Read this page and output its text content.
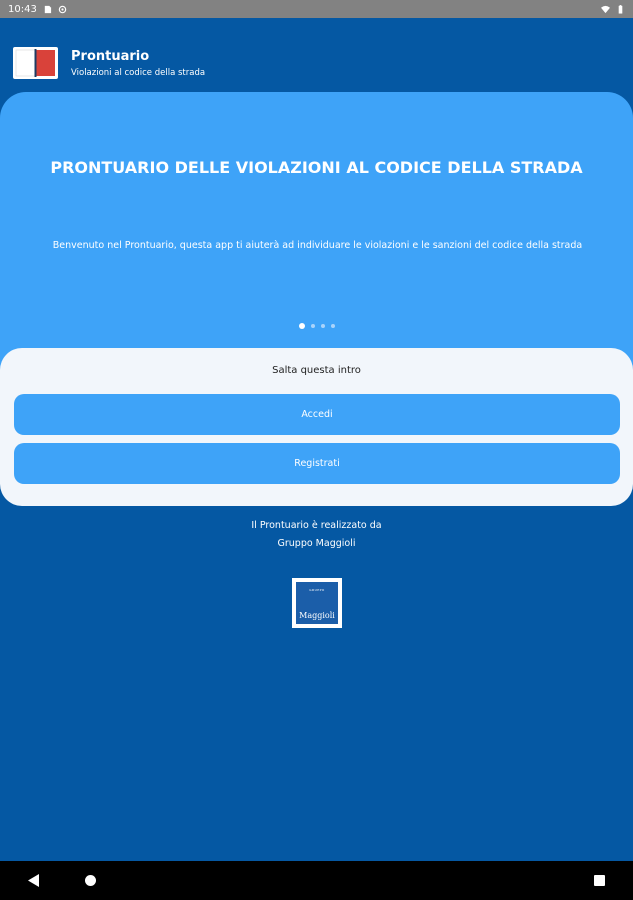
10:43
Prontuario
Violazioni al codice della strada
PRONTUARIO DELLE VIOLAZIONI AL CODICE DELLA STRADA
Benvenuto nel Prontuario, questa app ti aiuterà ad individuare le violazioni e le sanzioni del codice della strada
Salta questa intro
Accedi
Registrati
Il Prontuario è realizzato da
Gruppo Maggioli
GRUPPO
Maggioli
